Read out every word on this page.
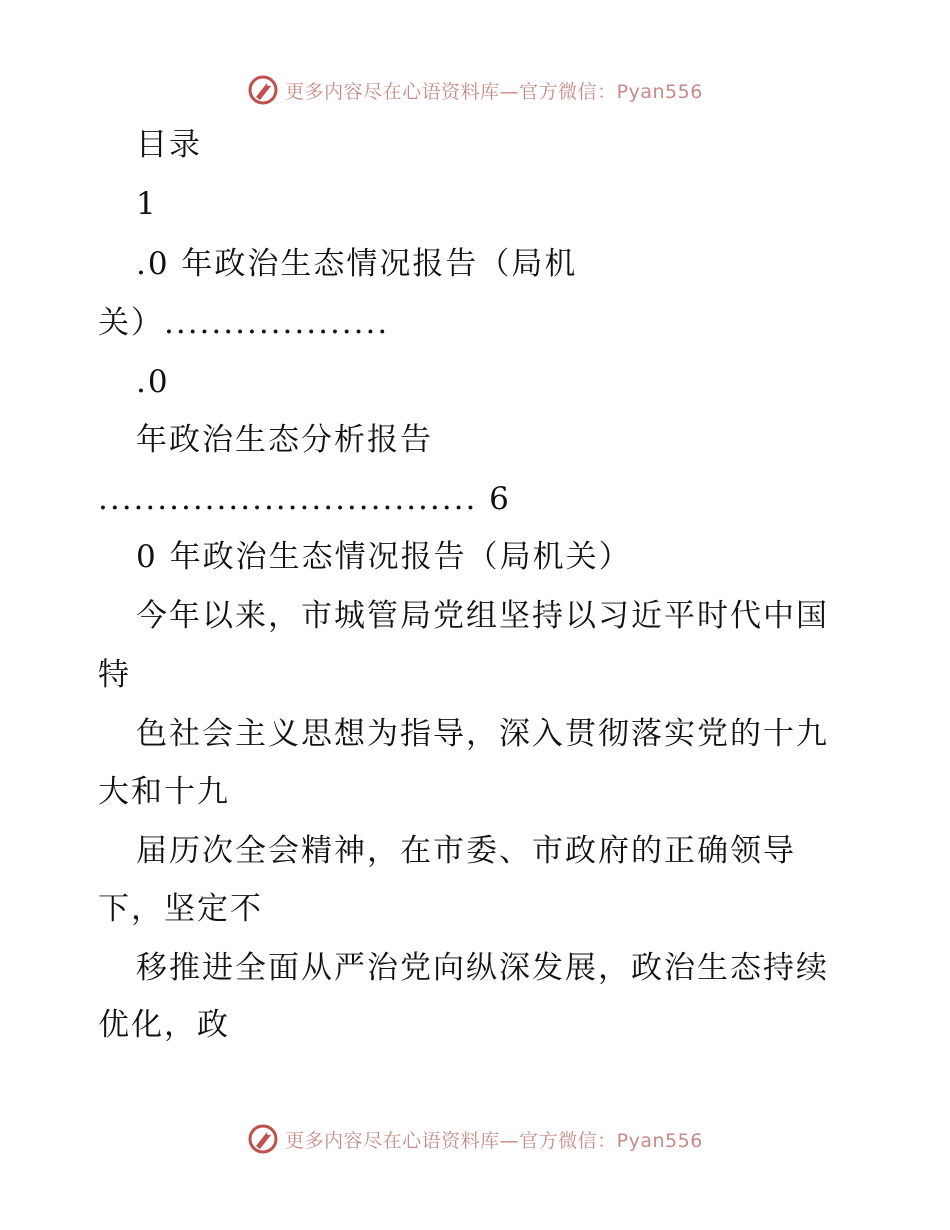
更多内容尽在心语资料库—官方微信：Pyan556
目录
1
.0 年政治生态情况报告（局机
关）...................
.0
年政治生态分析报告
................................ 6
0 年政治生态情况报告（局机关）
今年以来，市城管局党组坚持以习近平时代中国
特
色社会主义思想为指导，深入贯彻落实党的十九
大和十九
届历次全会精神，在市委、市政府的正确领导
下，坚定不
移推进全面从严治党向纵深发展，政治生态持续
优化，政
更多内容尽在心语资料库—官方微信：Pyan556
